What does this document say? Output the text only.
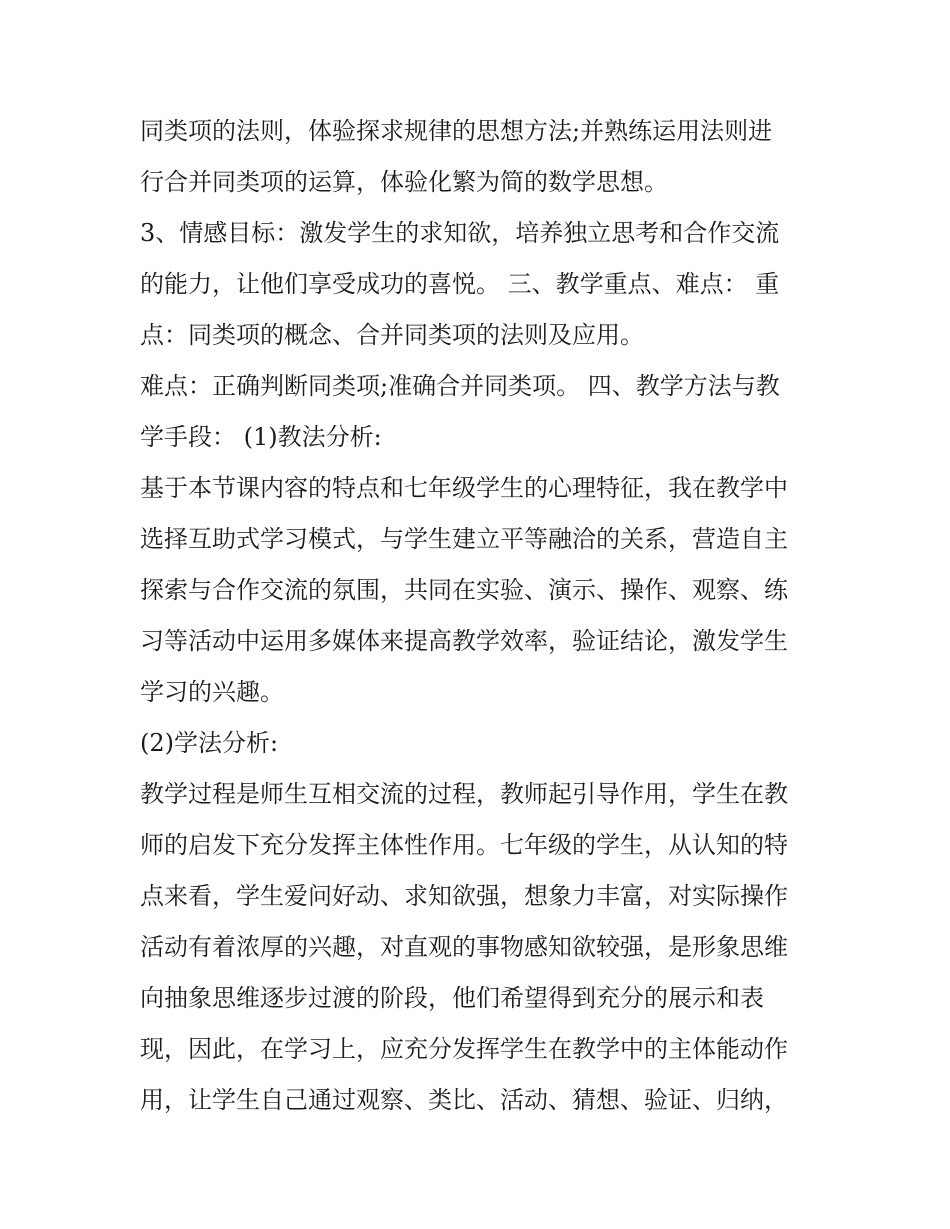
同类项的法则，体验探求规律的思想方法;并熟练运用法则进
行合并同类项的运算，体验化繁为简的数学思想。
3、情感目标：激发学生的求知欲，培养独立思考和合作交流
的能力，让他们享受成功的喜悦。 三、教学重点、难点： 重
点：同类项的概念、合并同类项的法则及应用。
难点：正确判断同类项;准确合并同类项。 四、教学方法与教
学手段： (1)教法分析:
基于本节课内容的特点和七年级学生的心理特征，我在教学中
选择互助式学习模式，与学生建立平等融洽的关系，营造自主
探索与合作交流的氛围，共同在实验、演示、操作、观察、练
习等活动中运用多媒体来提高教学效率，验证结论，激发学生
学习的兴趣。
(2)学法分析:
教学过程是师生互相交流的过程，教师起引导作用，学生在教
师的启发下充分发挥主体性作用。七年级的学生，从认知的特
点来看，学生爱问好动、求知欲强，想象力丰富，对实际操作
活动有着浓厚的兴趣，对直观的事物感知欲较强，是形象思维
向抽象思维逐步过渡的阶段，他们希望得到充分的展示和表
现，因此，在学习上，应充分发挥学生在教学中的主体能动作
用，让学生自己通过观察、类比、活动、猜想、验证、归纳，
